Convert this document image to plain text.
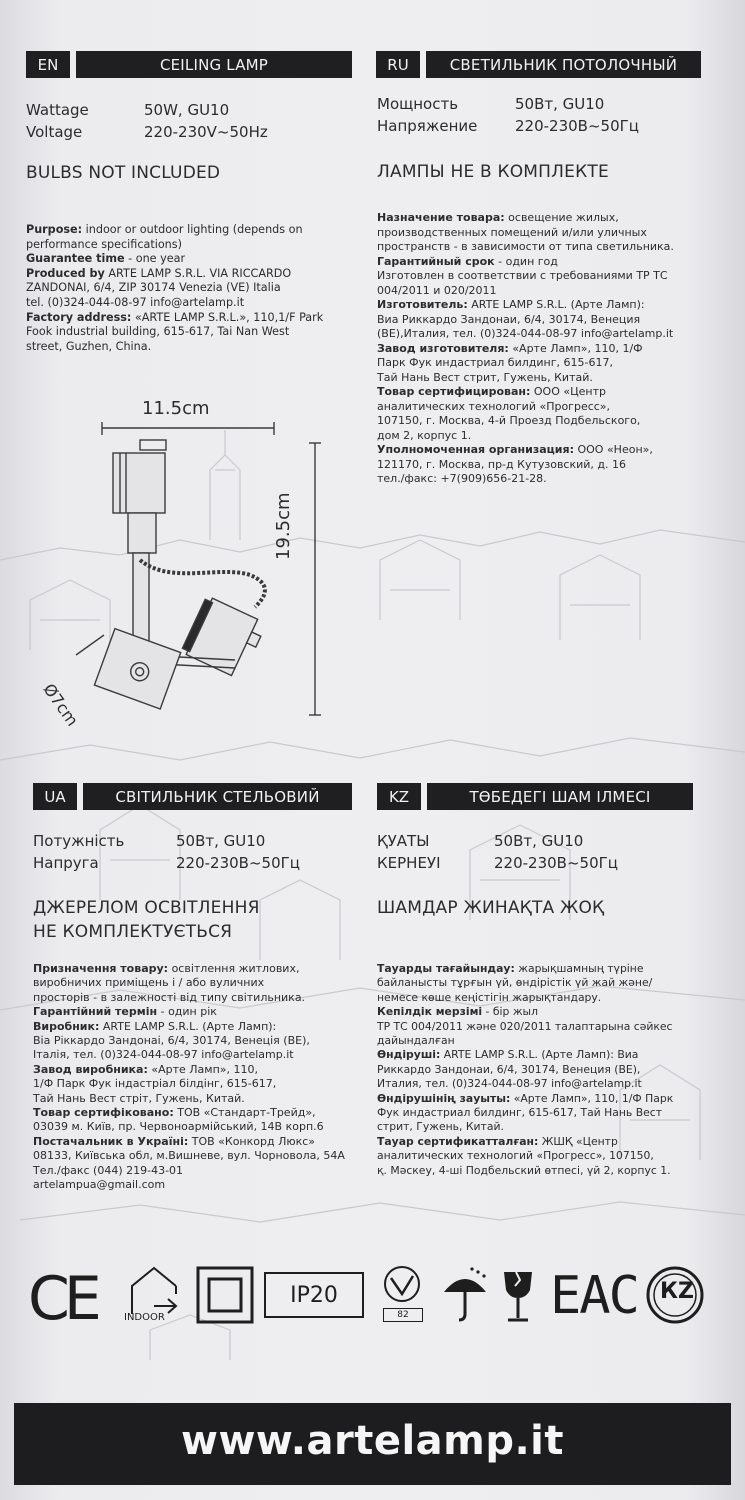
EN	CEILING LAMP	RU	СВЕТИЛЬНИК ПОТОЛОЧНЫЙ
Wattage	50W, GU10
Voltage	220-230V~50Hz
BULBS NOT INCLUDED
Мощность	50Вт, GU10
Напряжение	220-230В~50Гц
ЛАМПЫ НЕ В КОМПЛЕКТЕ
Purpose: indoor or outdoor lighting (depends on
performance specifications)
Guarantee time - one year
Produced by ARTE LAMP S.R.L. VIA RICCARDO
ZANDONAI, 6/4, ZIP 30174 Venezia (VE) Italia
tel. (0)324-044-08-97 info@artelamp.it
Factory address: «ARTE LAMP S.R.L.», 110,1/F Park
Fook industrial building, 615-617, Tai Nan West
street, Guzhen, China.
Назначение товара: освещение жилых,
производственных помещений и/или уличных
пространств - в зависимости от типа светильника.
Гарантийный срок - один год
Изготовлен в соответствии с требованиями ТР ТС
004/2011 и 020/2011
Изготовитель: ARTE LAMP S.R.L. (Арте Ламп):
Виа Риккардо Зандонаи, 6/4, 30174, Венеция
(ВЕ),Италия, тел. (0)324-044-08-97 info@artelamp.it
Завод изготовителя: «Арте Ламп», 110, 1/Ф
Парк Фук индастриал билдинг, 615-617,
Тай Нань Вест стрит, Гужень, Китай.
Товар сертифицирован: ООО «Центр
аналитических технологий «Прогресс»,
107150, г. Москва, 4-й Проезд Подбельского,
дом 2, корпус 1.
Уполномоченная организация: ООО «Неон»,
121170, г. Москва, пр-д Кутузовский, д. 16
тел./факс: +7(909)656-21-28.
11.5cm
19.5cm
Ø7cm
UA	СВІТИЛЬНИК СТЕЛЬОВИЙ	KZ	ТӨБЕДЕГІ ШАМ ІЛМЕСІ
Потужність	50Вт, GU10
Напруга	220-230В~50Гц
ДЖЕРЕЛОМ ОСВІТЛЕННЯ
НЕ КОМПЛЕКТУЄТЬСЯ
ҚУАТЫ	50Вт, GU10
КЕРНЕУІ	220-230В~50Гц
ШАМДАР ЖИНАҚТА ЖОҚ
Призначення товару: освітлення житлових,
виробничих приміщень і / або вуличних
просторів - в залежності від типу світильника.
Гарантійний термін - один рік
Виробник: ARTE LAMP S.R.L. (Арте Ламп):
Віа Ріккардо Зандонаі, 6/4, 30174, Венеція (ВЕ),
Італія, тел. (0)324-044-08-97 info@artelamp.it
Завод виробника: «Арте Ламп», 110,
1/Ф Парк Фук індастріал білдінг, 615-617,
Тай Нань Вест стріт, Гужень, Китай.
Товар сертифіковано: ТОВ «Стандарт-Трейд»,
03039 м. Київ, пр. Червоноармійський, 14В корп.6
Постачальник в Україні: ТОВ «Конкорд Люкс»
08133, Київська обл, м.Вишневе, вул. Чорновола, 54А
Тел./факс (044) 219-43-01
artelampua@gmail.com
Тауарды тағайындау: жарықшамның түріне
байланысты тұрғын үй, өндірістік үй жай және/
немесе көше кеңістігін жарықтандару.
Кепілдік мерзімі - бір жыл
ТР ТС 004/2011 және 020/2011 талаптарына сәйкес
дайындалған
Өндіруші: ARTE LAMP S.R.L. (Арте Ламп): Виа
Риккардо Зандонаи, 6/4, 30174, Венеция (ВЕ),
Италия, тел. (0)324-044-08-97 info@artelamp.it
Өндірушінің зауыты: «Арте Ламп», 110, 1/Ф Парк
Фук индастриал билдинг, 615-617, Тай Нань Вест
стрит, Гужень, Китай.
Тауар сертификатталған: ЖШҚ «Центр
аналитических технологий «Прогресс», 107150,
қ. Мәскеу, 4-ші Подбельский өтпесі, үй 2, корпус 1.
CE	INDOOR
IP20
82	EAC КZ
www.artelamp.it
